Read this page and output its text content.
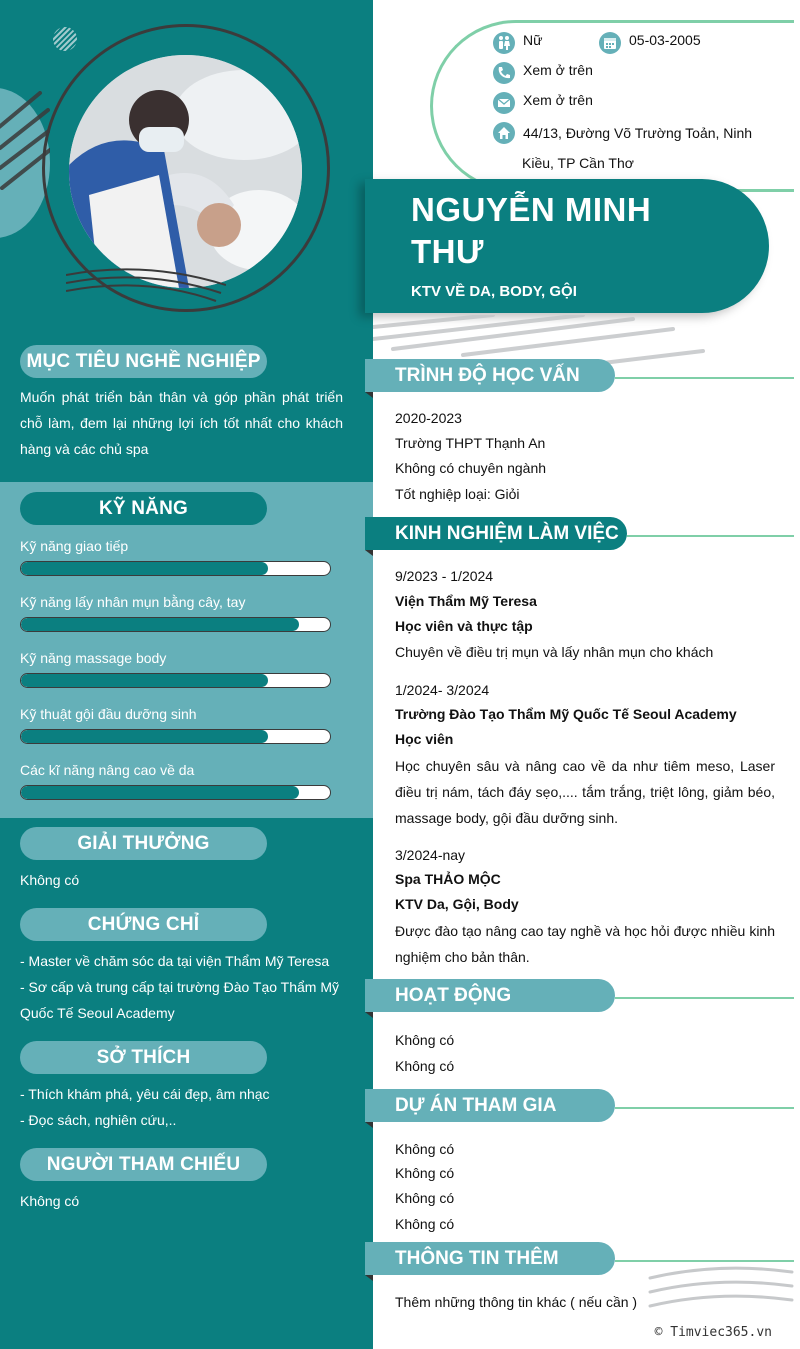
MỤC TIÊU NGHỀ NGHIỆP
Muốn phát triển bản thân và góp phần phát triển chỗ làm, đem lại những lợi ích tốt nhất cho khách hàng và các chủ spa
KỸ NĂNG
Kỹ năng giao tiếp
Kỹ năng lấy nhân mụn bằng cây, tay
Kỹ năng massage body
Kỹ thuật gội đầu dưỡng sinh
Các kĩ năng nâng cao về da
GIẢI THƯỞNG
Không có
CHỨNG CHỈ
- Master về chăm sóc da tại viện Thẩm Mỹ Teresa
- Sơ cấp và trung cấp tại trường Đào Tạo Thẩm Mỹ Quốc Tế Seoul Academy
SỞ THÍCH
- Thích khám phá, yêu cái đẹp, âm nhạc
- Đọc sách, nghiên cứu,..
NGƯỜI THAM CHIẾU
Không có
Nữ	05-03-2005
Xem ở trên
Xem ở trên
44/13, Đường Võ Trường Toản, Ninh
Kiều, TP Cần Thơ
NGUYỄN MINH THƯ
KTV VỀ DA, BODY, GỘI
TRÌNH ĐỘ HỌC VẤN
2020-2023
Trường THPT Thạnh An
Không có chuyên ngành
Tốt nghiệp loại: Giỏi
KINH NGHIỆM LÀM VIỆC
9/2023 - 1/2024
Viện Thẩm Mỹ Teresa
Học viên và thực tập
Chuyên về điều trị mụn và lấy nhân mụn cho khách
1/2024- 3/2024
Trường Đào Tạo Thẩm Mỹ Quốc Tế Seoul Academy
Học viên
Học chuyên sâu và nâng cao về da như tiêm meso, Laser điều trị nám, tách đáy sẹo,.... tắm trắng, triệt lông, giảm béo, massage body, gội đầu dưỡng sinh.
3/2024-nay
Spa THẢO MỘC
KTV Da, Gội, Body
Được đào tạo nâng cao tay nghề và học hỏi được nhiều kinh nghiệm cho bản thân.
HOẠT ĐỘNG
Không có
Không có
DỰ ÁN THAM GIA
Không có
Không có
Không có
Không có
THÔNG TIN THÊM
Thêm những thông tin khác ( nếu cần )
© Timviec365.vn
